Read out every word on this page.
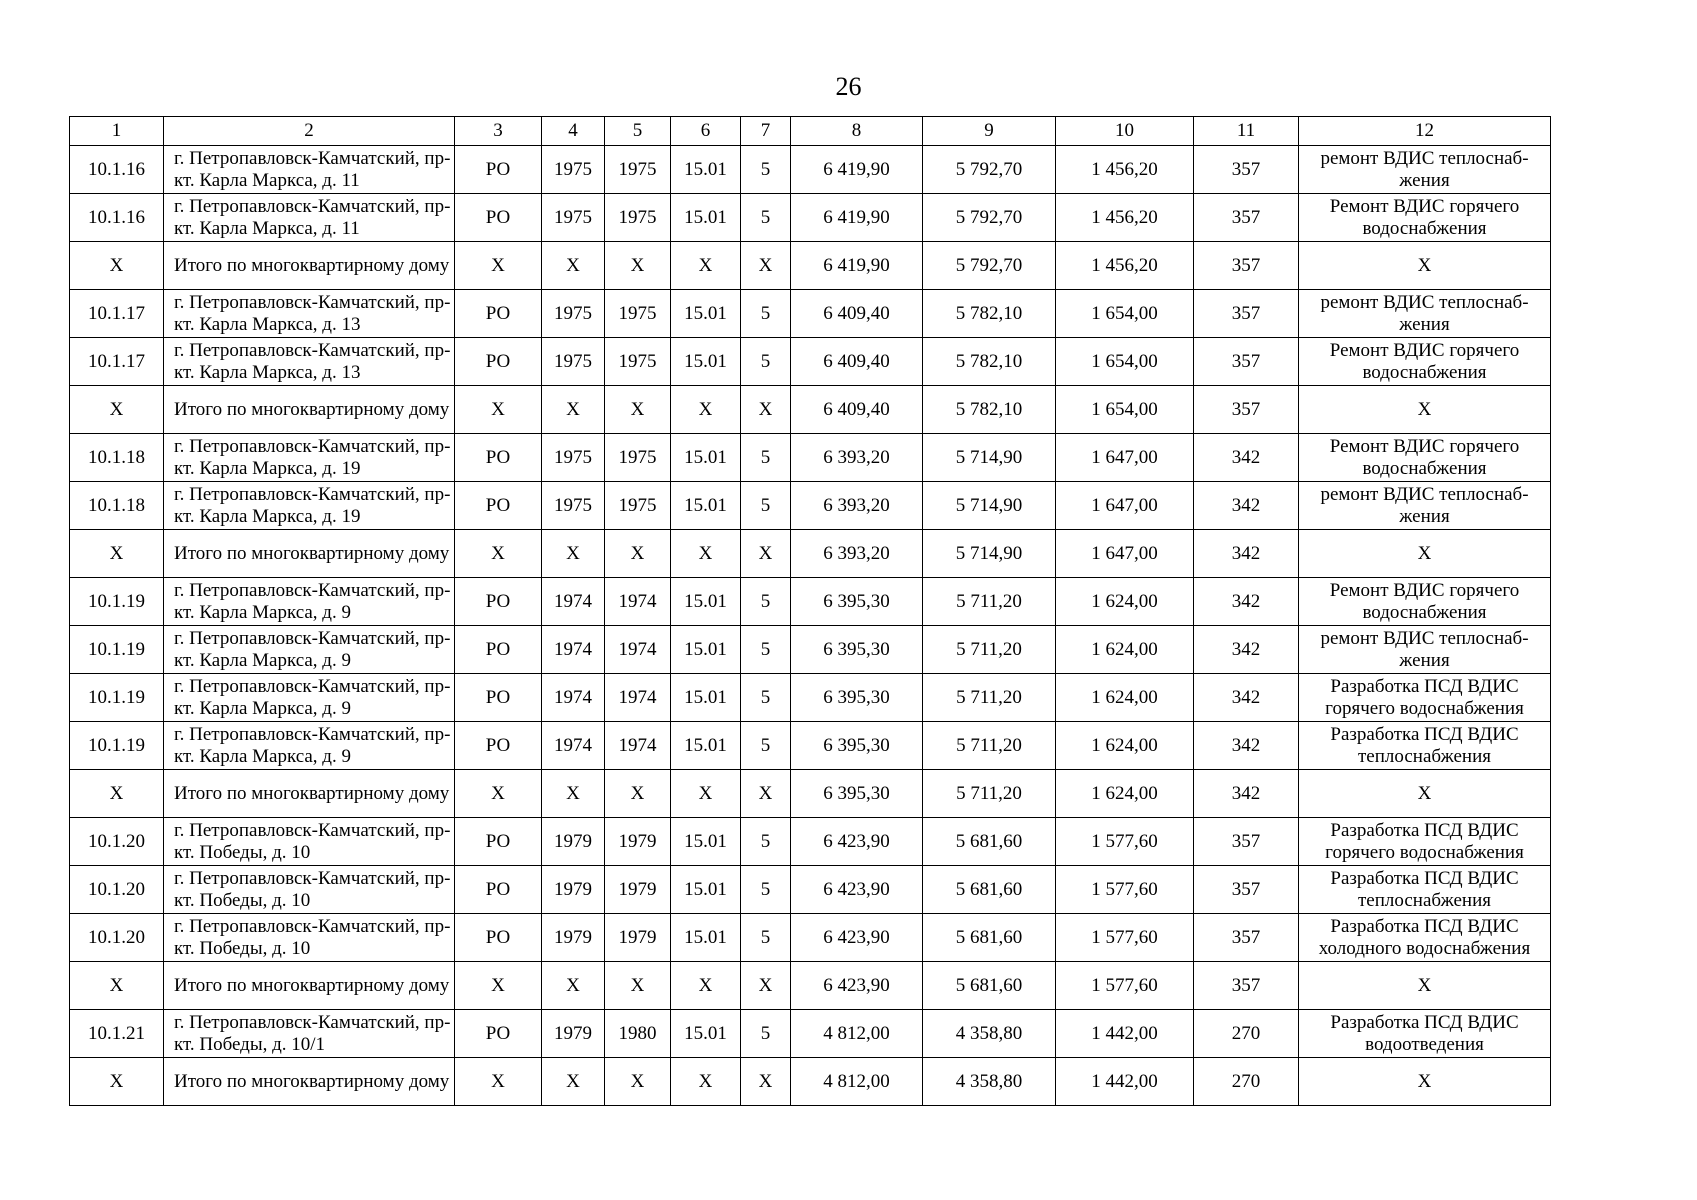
26
1	2	3	4	5	6	7	8	9	10	11	12
10.1.16	г. Петропавловск-Камчатский, пр-кт. Карла Маркса, д. 11	РО	1975	1975	15.01	5	6 419,90	5 792,70	1 456,20	357	ремонт ВДИС теплоснаб-жения
10.1.16	г. Петропавловск-Камчатский, пр-кт. Карла Маркса, д. 11	РО	1975	1975	15.01	5	6 419,90	5 792,70	1 456,20	357	Ремонт ВДИС горячего водоснабжения
Х	Итого по многоквартирному дому	Х	Х	Х	Х	Х	6 419,90	5 792,70	1 456,20	357	Х
10.1.17	г. Петропавловск-Камчатский, пр-кт. Карла Маркса, д. 13	РО	1975	1975	15.01	5	6 409,40	5 782,10	1 654,00	357	ремонт ВДИС теплоснаб-жения
10.1.17	г. Петропавловск-Камчатский, пр-кт. Карла Маркса, д. 13	РО	1975	1975	15.01	5	6 409,40	5 782,10	1 654,00	357	Ремонт ВДИС горячего водоснабжения
Х	Итого по многоквартирному дому	Х	Х	Х	Х	Х	6 409,40	5 782,10	1 654,00	357	Х
10.1.18	г. Петропавловск-Камчатский, пр-кт. Карла Маркса, д. 19	РО	1975	1975	15.01	5	6 393,20	5 714,90	1 647,00	342	Ремонт ВДИС горячего водоснабжения
10.1.18	г. Петропавловск-Камчатский, пр-кт. Карла Маркса, д. 19	РО	1975	1975	15.01	5	6 393,20	5 714,90	1 647,00	342	ремонт ВДИС теплоснаб-жения
Х	Итого по многоквартирному дому	Х	Х	Х	Х	Х	6 393,20	5 714,90	1 647,00	342	Х
10.1.19	г. Петропавловск-Камчатский, пр-кт. Карла Маркса, д. 9	РО	1974	1974	15.01	5	6 395,30	5 711,20	1 624,00	342	Ремонт ВДИС горячего водоснабжения
10.1.19	г. Петропавловск-Камчатский, пр-кт. Карла Маркса, д. 9	РО	1974	1974	15.01	5	6 395,30	5 711,20	1 624,00	342	ремонт ВДИС теплоснаб-жения
10.1.19	г. Петропавловск-Камчатский, пр-кт. Карла Маркса, д. 9	РО	1974	1974	15.01	5	6 395,30	5 711,20	1 624,00	342	Разработка ПСД ВДИС горячего водоснабжения
10.1.19	г. Петропавловск-Камчатский, пр-кт. Карла Маркса, д. 9	РО	1974	1974	15.01	5	6 395,30	5 711,20	1 624,00	342	Разработка ПСД ВДИС теплоснабжения
Х	Итого по многоквартирному дому	Х	Х	Х	Х	Х	6 395,30	5 711,20	1 624,00	342	Х
10.1.20	г. Петропавловск-Камчатский, пр-кт. Победы, д. 10	РО	1979	1979	15.01	5	6 423,90	5 681,60	1 577,60	357	Разработка ПСД ВДИС горячего водоснабжения
10.1.20	г. Петропавловск-Камчатский, пр-кт. Победы, д. 10	РО	1979	1979	15.01	5	6 423,90	5 681,60	1 577,60	357	Разработка ПСД ВДИС теплоснабжения
10.1.20	г. Петропавловск-Камчатский, пр-кт. Победы, д. 10	РО	1979	1979	15.01	5	6 423,90	5 681,60	1 577,60	357	Разработка ПСД ВДИС холодного водоснабжения
Х	Итого по многоквартирному дому	Х	Х	Х	Х	Х	6 423,90	5 681,60	1 577,60	357	Х
10.1.21	г. Петропавловск-Камчатский, пр-кт. Победы, д. 10/1	РО	1979	1980	15.01	5	4 812,00	4 358,80	1 442,00	270	Разработка ПСД ВДИС водоотведения
Х	Итого по многоквартирному дому	Х	Х	Х	Х	Х	4 812,00	4 358,80	1 442,00	270	Х
